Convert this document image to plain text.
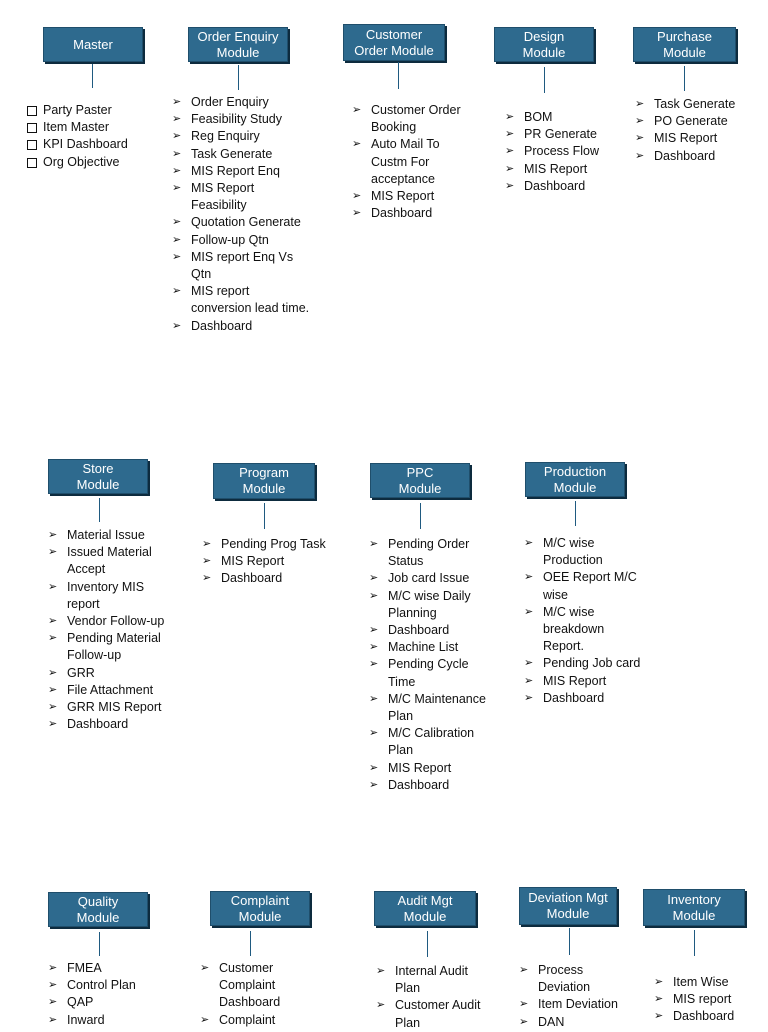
Master
Party Paster
Item Master
KPI Dashboard
Org Objective
Order Enquiry
Module
➢ Order Enquiry
➢ Feasibility Study
➢ Reg Enquiry
➢ Task Generate
➢ MIS Report Enq
➢ MIS Report
Feasibility
➢ Quotation Generate
➢ Follow-up Qtn
➢ MIS report Enq Vs
Qtn
➢ MIS report
conversion lead time.
➢ Dashboard
Customer
Order Module
➢ Customer Order
Booking
➢ Auto Mail To
Custm For
acceptance
➢ MIS Report
➢ Dashboard
Design
Module
➢ BOM
➢ PR Generate
➢ Process Flow
➢ MIS Report
➢ Dashboard
Purchase
Module
➢ Task Generate
➢ PO Generate
➢ MIS Report
➢ Dashboard
Store
Module
➢ Material Issue
➢ Issued Material
Accept
➢ Inventory MIS
report
➢ Vendor Follow-up
➢ Pending Material
Follow-up
➢ GRR
➢ File Attachment
➢ GRR MIS Report
➢ Dashboard
Program
Module
➢ Pending Prog Task
➢ MIS Report
➢ Dashboard
PPC
Module
➢ Pending Order
Status
➢ Job card Issue
➢ M/C wise Daily
Planning
➢ Dashboard
➢ Machine List
➢ Pending Cycle
Time
➢ M/C Maintenance
Plan
➢ M/C Calibration
Plan
➢ MIS Report
➢ Dashboard
Production
Module
➢ M/C wise
Production
➢ OEE Report M/C
wise
➢ M/C wise
breakdown
Report.
➢ Pending Job card
➢ MIS Report
➢ Dashboard
Quality
Module
➢ FMEA
➢ Control Plan
➢ QAP
➢ Inward
Complaint
Module
➢ Customer
Complaint
Dashboard
➢ Complaint
Audit Mgt
Module
➢ Internal Audit
Plan
➢ Customer Audit
Plan
Deviation Mgt
Module
➢ Process
Deviation
➢ Item Deviation
➢ DAN
Inventory
Module
➢ Item Wise
➢ MIS report
➢ Dashboard
